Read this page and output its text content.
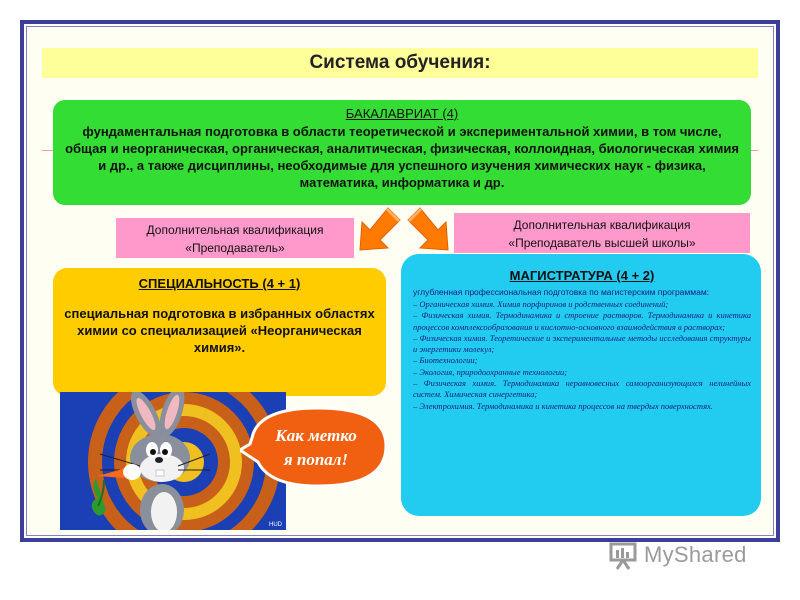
Система обучения:
БАКАЛАВРИАТ (4)
фундаментальная подготовка в области теоретической и экспериментальной химии, в том числе, общая и неорганическая, органическая, аналитическая, физическая, коллоидная, биологическая химия и др., а также дисциплины, необходимые для успешного изучения химических наук - физика, математика, информатика и др.
Дополнительная квалификация
«Преподаватель»
Дополнительная квалификация
«Преподаватель высшей школы»
СПЕЦИАЛЬНОСТЬ (4 + 1)
специальная подготовка в избранных областях химии со специализацией «Неорганическая химия».
МАГИСТРАТУРА (4 + 2)
углубленная профессиональная подготовка по магистерским программам:
– Органическая химия. Химия порфиринов и родственных соединений;
– Физическая химия. Термодинамика и строение растворов. Термодинамика и кинетика процессов комплексообразования и кислотно-основного взаимодействия в растворах;
– Физическая химия. Теоретические и экспериментальные методы исследования структуры и энергетики молекул;
– Биотехнологии;
– Экология, природоохранные технологии;
– Физическая химия. Термодинамика неравновесных самоорганизующихся нелинейных систем. Химическая синергетика;
– Электрохимия. Термодинамика и кинетика процессов на твердых поверхностях.
HUD
Как метко
я попал!
MyShared
